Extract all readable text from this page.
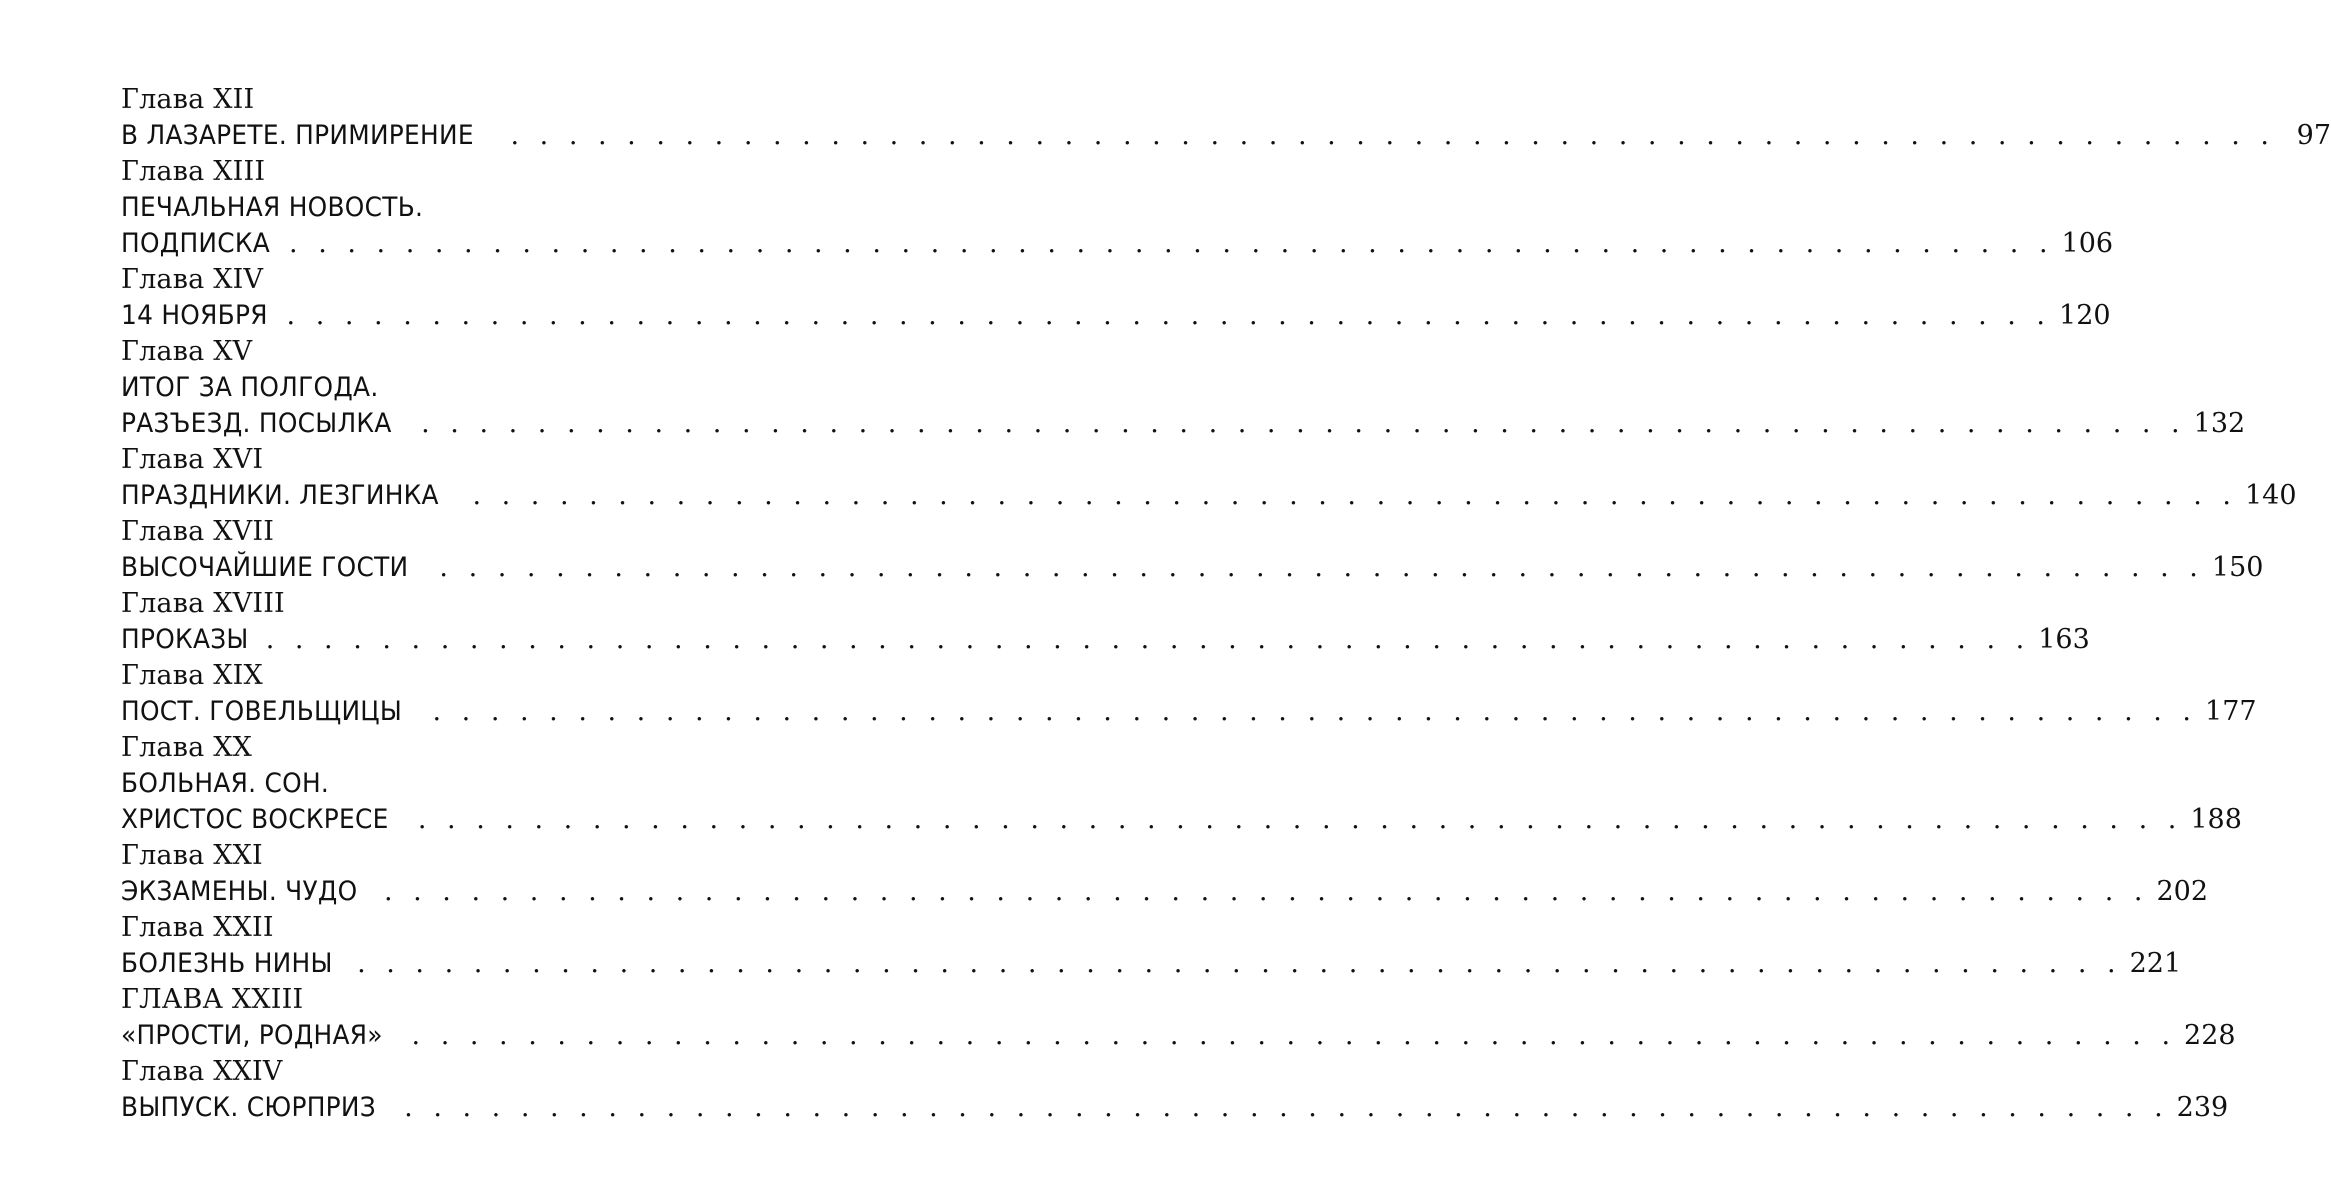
Глава XII
В ЛАЗАРЕТЕ. ПРИМИРЕНИЕ . . . . . . . . . . . . . . . . . . . . . . . . . . . . . . . . . . . . . . . . . . . . . . . . . . . . . . . . . . . . . 97
Глава XIII
ПЕЧАЛЬНАЯ НОВОСТЬ.
ПОДПИСКА . . . . . . . . . . . . . . . . . . . . . . . . . . . . . . . . . . . . . . . . . . . . . . . . . . . . . . . . . . . . . 106
Глава XIV
14 НОЯБРЯ . . . . . . . . . . . . . . . . . . . . . . . . . . . . . . . . . . . . . . . . . . . . . . . . . . . . . . . . . . . . . 120
Глава XV
ИТОГ ЗА ПОЛГОДА.
РАЗЪЕЗД. ПОСЫЛКА . . . . . . . . . . . . . . . . . . . . . . . . . . . . . . . . . . . . . . . . . . . . . . . . . . . . . . . . . . . . . 132
Глава XVI
ПРАЗДНИКИ. ЛЕЗГИНКА . . . . . . . . . . . . . . . . . . . . . . . . . . . . . . . . . . . . . . . . . . . . . . . . . . . . . . . . . . . . . 140
Глава XVII
ВЫСОЧАЙШИЕ ГОСТИ . . . . . . . . . . . . . . . . . . . . . . . . . . . . . . . . . . . . . . . . . . . . . . . . . . . . . . . . . . . . . 150
Глава XVIII
ПРОКАЗЫ . . . . . . . . . . . . . . . . . . . . . . . . . . . . . . . . . . . . . . . . . . . . . . . . . . . . . . . . . . . . . 163
Глава XIX
ПОСТ. ГОВЕЛЬЩИЦЫ . . . . . . . . . . . . . . . . . . . . . . . . . . . . . . . . . . . . . . . . . . . . . . . . . . . . . . . . . . . . . 177
Глава XX
БОЛЬНАЯ. СОН.
ХРИСТОС ВОСКРЕСЕ . . . . . . . . . . . . . . . . . . . . . . . . . . . . . . . . . . . . . . . . . . . . . . . . . . . . . . . . . . . . . 188
Глава XXI
ЭКЗАМЕНЫ. ЧУДО . . . . . . . . . . . . . . . . . . . . . . . . . . . . . . . . . . . . . . . . . . . . . . . . . . . . . . . . . . . . . 202
Глава XXII
БОЛЕЗНЬ НИНЫ . . . . . . . . . . . . . . . . . . . . . . . . . . . . . . . . . . . . . . . . . . . . . . . . . . . . . . . . . . . . . 221
ГЛАВА XXIII
«ПРОСТИ, РОДНАЯ» . . . . . . . . . . . . . . . . . . . . . . . . . . . . . . . . . . . . . . . . . . . . . . . . . . . . . . . . . . . . . 228
Глава XXIV
ВЫПУСК. СЮРПРИЗ . . . . . . . . . . . . . . . . . . . . . . . . . . . . . . . . . . . . . . . . . . . . . . . . . . . . . . . . . . . . . 239
